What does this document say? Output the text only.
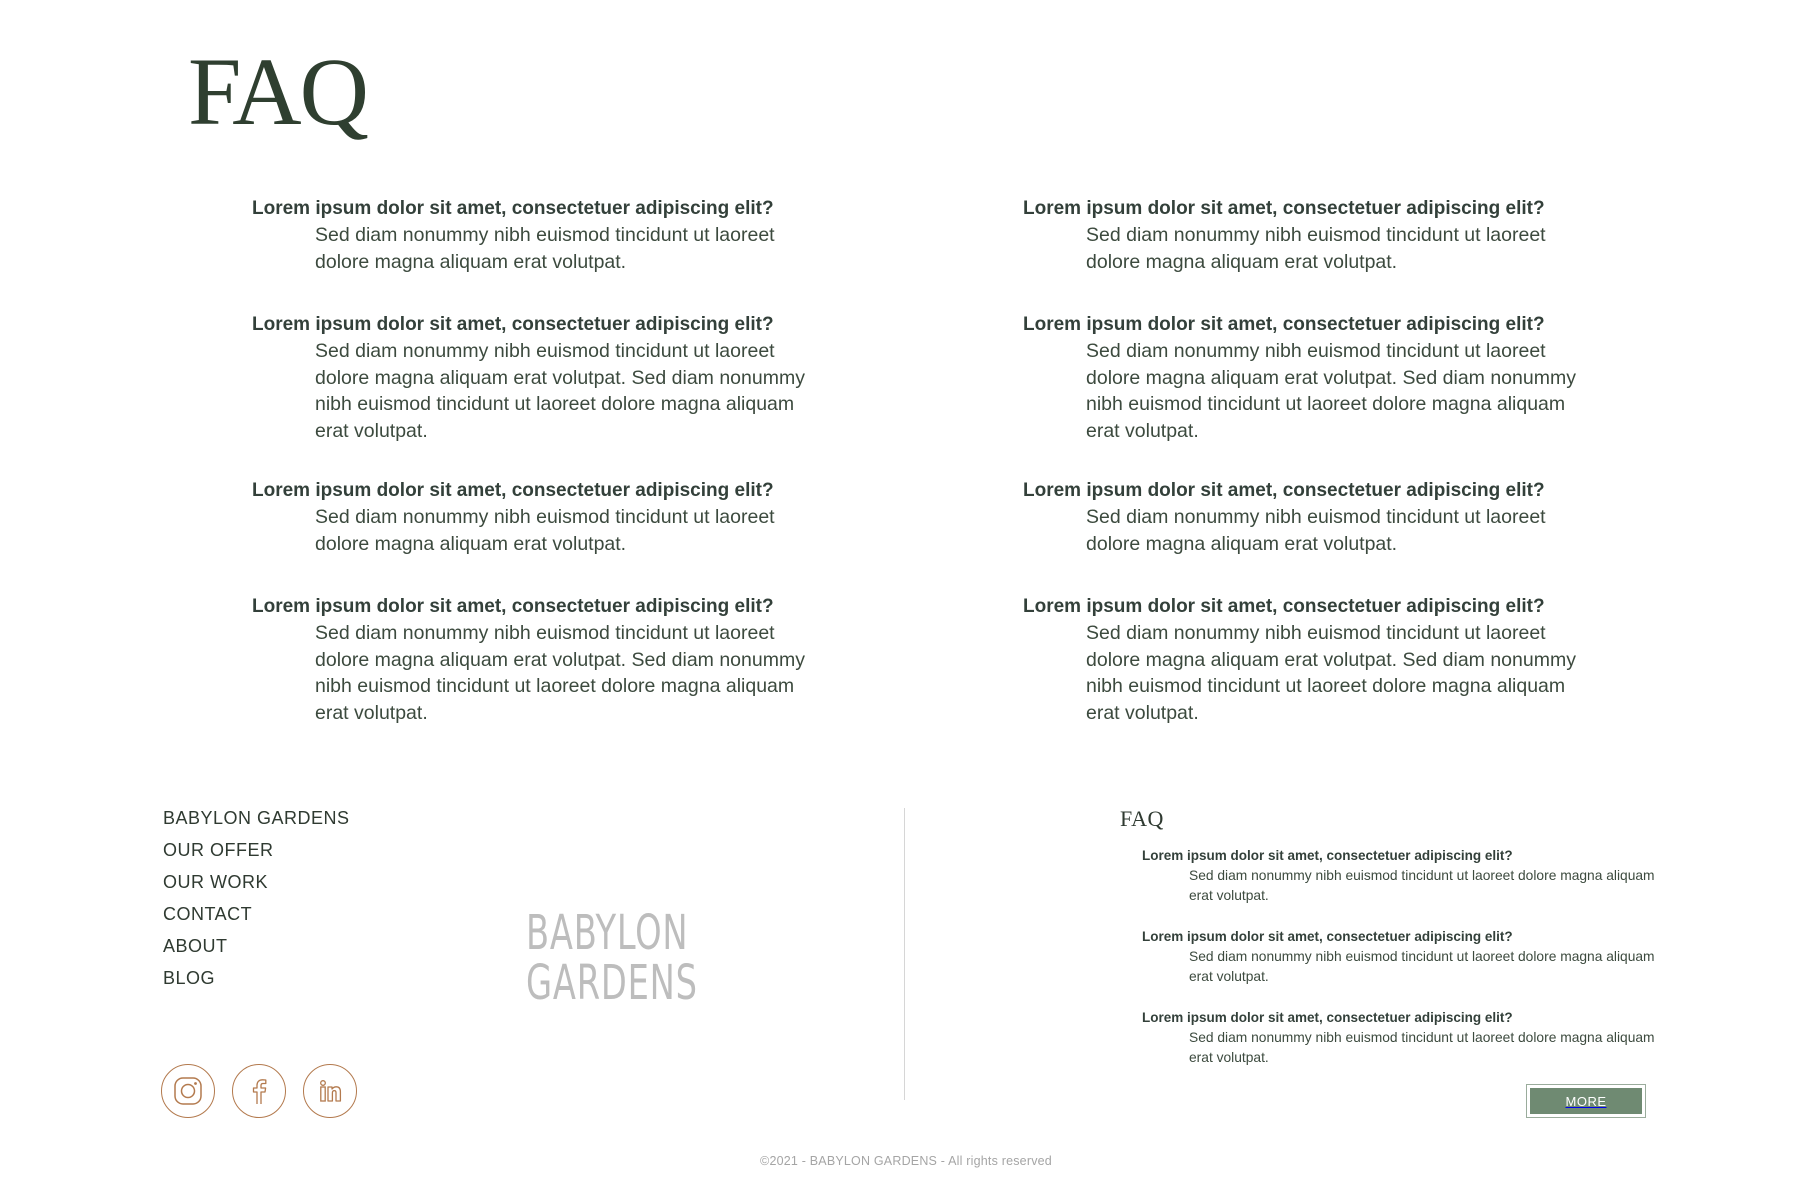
FAQ
Lorem ipsum dolor sit amet, consectetuer adipiscing elit?
Sed diam nonummy nibh euismod tincidunt ut laoreet dolore magna aliquam erat volutpat.
Lorem ipsum dolor sit amet, consectetuer adipiscing elit?
Sed diam nonummy nibh euismod tincidunt ut laoreet dolore magna aliquam erat volutpat. Sed diam nonummy nibh euismod tincidunt ut laoreet dolore magna aliquam erat volutpat.
Lorem ipsum dolor sit amet, consectetuer adipiscing elit?
Sed diam nonummy nibh euismod tincidunt ut laoreet dolore magna aliquam erat volutpat.
Lorem ipsum dolor sit amet, consectetuer adipiscing elit?
Sed diam nonummy nibh euismod tincidunt ut laoreet dolore magna aliquam erat volutpat. Sed diam nonummy nibh euismod tincidunt ut laoreet dolore magna aliquam erat volutpat.
Lorem ipsum dolor sit amet, consectetuer adipiscing elit?
Sed diam nonummy nibh euismod tincidunt ut laoreet dolore magna aliquam erat volutpat.
Lorem ipsum dolor sit amet, consectetuer adipiscing elit?
Sed diam nonummy nibh euismod tincidunt ut laoreet dolore magna aliquam erat volutpat. Sed diam nonummy nibh euismod tincidunt ut laoreet dolore magna aliquam erat volutpat.
Lorem ipsum dolor sit amet, consectetuer adipiscing elit?
Sed diam nonummy nibh euismod tincidunt ut laoreet dolore magna aliquam erat volutpat.
Lorem ipsum dolor sit amet, consectetuer adipiscing elit?
Sed diam nonummy nibh euismod tincidunt ut laoreet dolore magna aliquam erat volutpat. Sed diam nonummy nibh euismod tincidunt ut laoreet dolore magna aliquam erat volutpat.
BABYLON GARDENS
OUR OFFER
OUR WORK
CONTACT
ABOUT
BLOG
BABYLON
GARDENS
FAQ
Lorem ipsum dolor sit amet, consectetuer adipiscing elit?
Sed diam nonummy nibh euismod tincidunt ut laoreet dolore magna aliquam erat volutpat.
Lorem ipsum dolor sit amet, consectetuer adipiscing elit?
Sed diam nonummy nibh euismod tincidunt ut laoreet dolore magna aliquam erat volutpat.
Lorem ipsum dolor sit amet, consectetuer adipiscing elit?
Sed diam nonummy nibh euismod tincidunt ut laoreet dolore magna aliquam erat volutpat.
MORE
©2021 - BABYLON GARDENS - All rights reserved
